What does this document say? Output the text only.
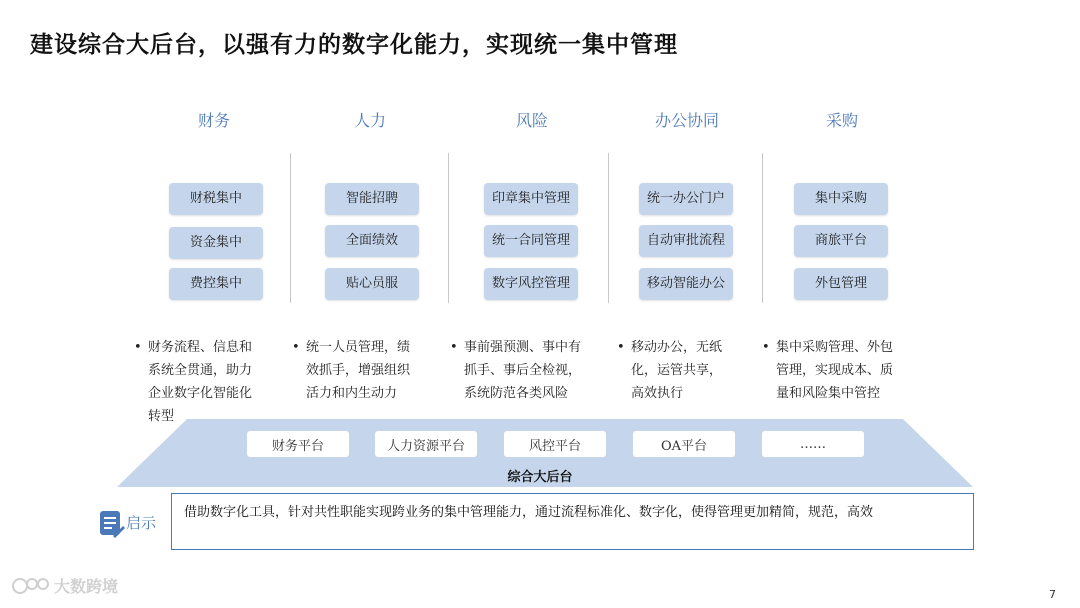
建设综合大后台，以强有力的数字化能力，实现统一集中管理
财务	人力	风险	办公协同	采购
财税集中
资金集中
费控集中
智能招聘
全面绩效
贴心员服
印章集中管理
统一合同管理
数字风控管理
统一办公门户
自动审批流程
移动智能办公
集中采购
商旅平台
外包管理
• 财务流程、信息和
系统全贯通，助力
企业数字化智能化
转型
• 统一人员管理，绩
效抓手，增强组织
活力和内生动力
• 事前强预测、事中有
抓手、事后全检视，
系统防范各类风险
• 移动办公，无纸
化，运管共享，
高效执行
• 集中采购管理、外包
管理，实现成本、质
量和风险集中管控
财务平台	人力资源平台	风控平台	OA平台	……
综合大后台
启示
借助数字化工具，针对共性职能实现跨业务的集中管理能力，通过流程标准化、数字化，使得管理更加精简，规范，高效
大数跨境	7
